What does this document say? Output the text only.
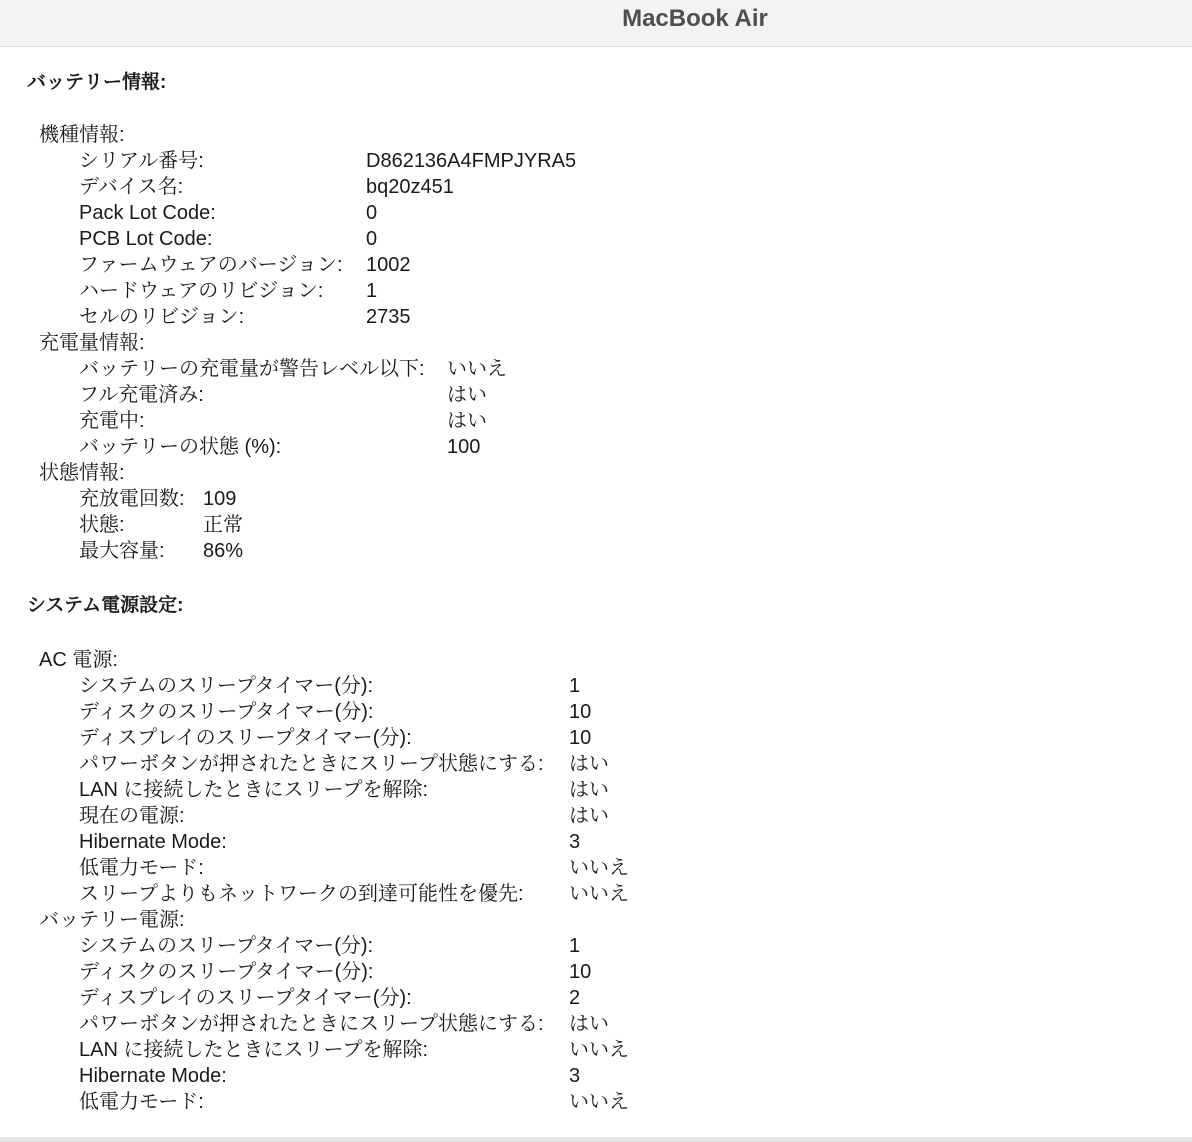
MacBook Air
バッテリー情報:
機種情報:
シリアル番号:	D862136A4FMPJYRA5
デバイス名:	bq20z451
Pack Lot Code:	0
PCB Lot Code:	0
ファームウェアのバージョン: 1002
ハードウェアのリビジョン: 1
セルのリビジョン:	2735
充電量情報:
バッテリーの充電量が警告レベル以下: いいえ
フル充電済み:	はい
充電中:	はい
バッテリーの状態 (%):	100
状態情報:
充放電回数: 109
状態:	正常
最大容量: 86%
システム電源設定:
AC 電源:
システムのスリープタイマー(分):	1
ディスクのスリープタイマー(分):	10
ディスプレイのスリープタイマー(分):	10
パワーボタンが押されたときにスリープ状態にする: はい
LAN に接続したときにスリープを解除:	はい
現在の電源:	はい
Hibernate Mode:	3
低電力モード:	いいえ
スリープよりもネットワークの到達可能性を優先: いいえ
バッテリー電源:
システムのスリープタイマー(分):	1
ディスクのスリープタイマー(分):	10
ディスプレイのスリープタイマー(分):	2
パワーボタンが押されたときにスリープ状態にする: はい
LAN に接続したときにスリープを解除:	いいえ
Hibernate Mode:	3
低電力モード:	いいえ
